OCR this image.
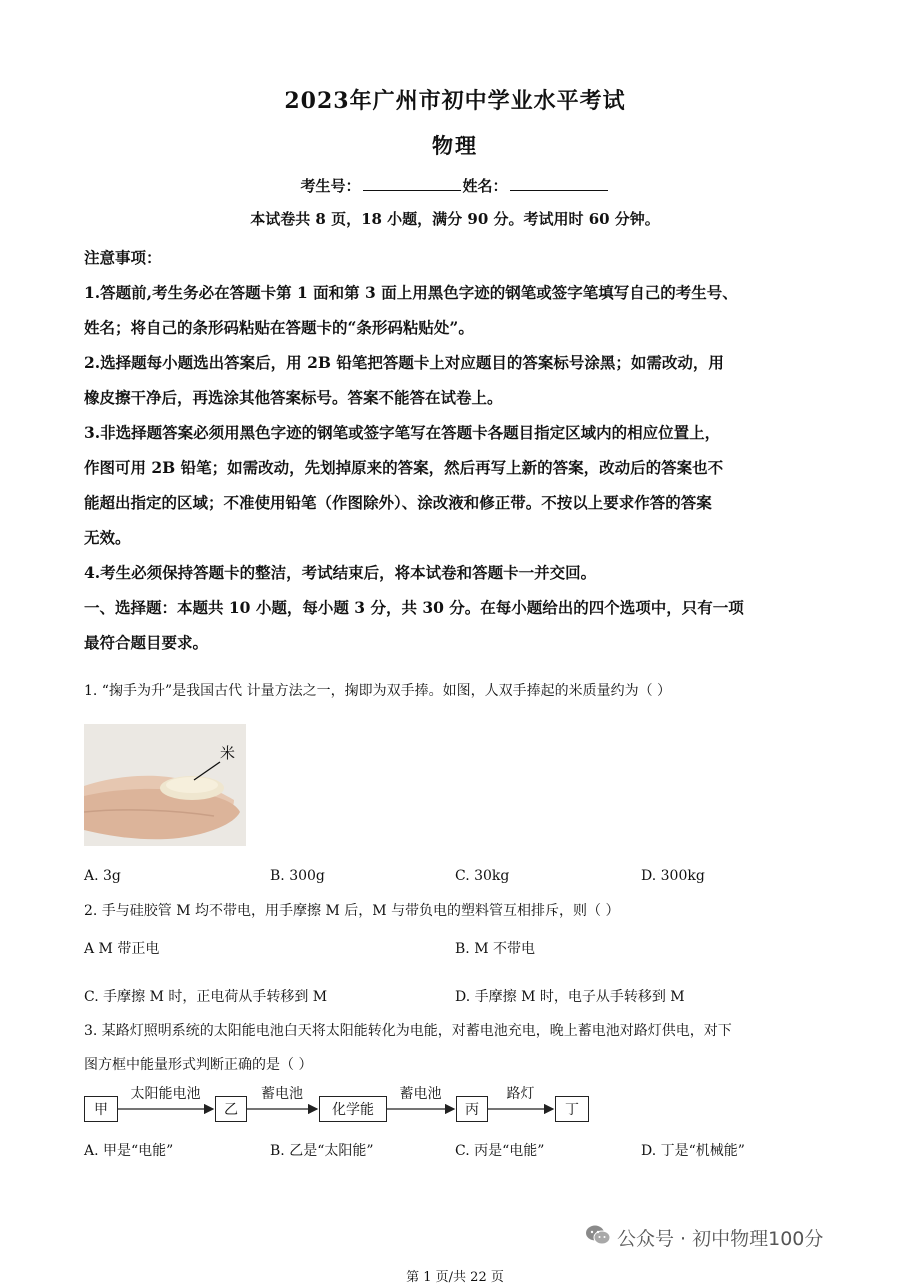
2023年广州市初中学业水平考试
物理
考生号：	姓名：
本试卷共 8 页，18 小题，满分 90 分。考试用时 60 分钟。
注意事项：
1.答题前,考生务必在答题卡第 1 面和第 3 面上用黑色字迹的钢笔或签字笔填写自己的考生号、
姓名；将自己的条形码粘贴在答题卡的“条形码粘贴处”。
2.选择题每小题选出答案后，用 2B 铅笔把答题卡上对应题目的答案标号涂黑；如需改动，用
橡皮擦干净后，再选涂其他答案标号。答案不能答在试卷上。
3.非选择题答案必须用黑色字迹的钢笔或签字笔写在答题卡各题目指定区域内的相应位置上，
作图可用 2B 铅笔；如需改动，先划掉原来的答案，然后再写上新的答案，改动后的答案也不
能超出指定的区域；不准使用铅笔（作图除外）、涂改液和修正带。不按以上要求作答的答案
无效。
4.考生必须保持答题卡的整洁，考试结束后，将本试卷和答题卡一并交回。
一、选择题：本题共 10 小题，每小题 3 分，共 30 分。在每小题给出的四个选项中，只有一项
最符合题目要求。
1. “掬手为升”是我国古代 计量方法之一，掬即为双手捧。如图，人双手捧起的米质量约为（ ）
米
A. 3g	B. 300g	C. 30kg	D. 300kg
2. 手与硅胶管 M 均不带电，用手摩擦 M 后，M 与带负电的塑料管互相排斥，则（ ）
A M 带正电	B. M 不带电
C. 手摩擦 M 时，正电荷从手转移到 M	D. 手摩擦 M 时，电子从手转移到 M
3. 某路灯照明系统的太阳能电池白天将太阳能转化为电能，对蓄电池充电，晚上蓄电池对路灯供电，对下
图方框中能量形式判断正确的是（ ）
甲	乙	化学能	丙	丁
太阳能电池	蓄电池	蓄电池	路灯
A. 甲是“电能”	B. 乙是“太阳能”	C. 丙是“电能”	D. 丁是“机械能”
公众号 · 初中物理100分
第 1 页/共 22 页
